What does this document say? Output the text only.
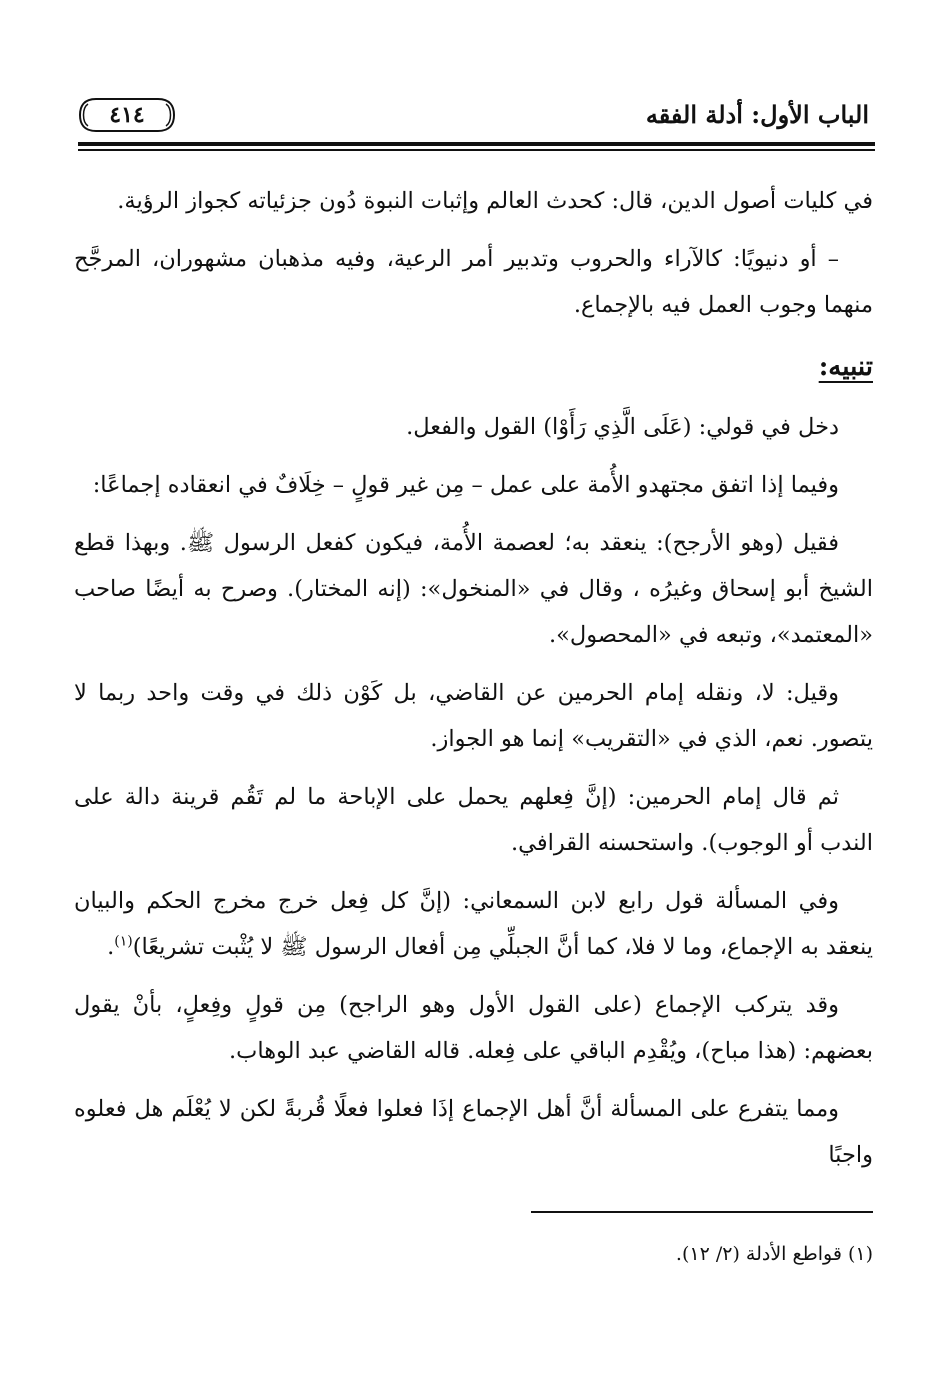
الباب الأول: أدلة الفقه
٤١٤

في كليات أصول الدين، قال: كحدث العالم وإثبات النبوة دُون جزئياته كجواز الرؤية.

– أو دنيويًا: كالآراء والحروب وتدبير أمر الرعية، وفيه مذهبان مشهوران، المرجَّح منهما وجوب العمل فيه بالإجماع.

تنبيه:

دخل في قولي: (عَلَى الَّذِي رَأَوْا) القول والفعل.

وفيما إذا اتفق مجتهدو الأُمة على عمل – مِن غير قولٍ – خِلَافٌ في انعقاده إجماعًا:

فقيل (وهو الأرجح): ينعقد به؛ لعصمة الأُمة، فيكون كفعل الرسول ﷺ. وبهذا قطع الشيخ أبو إسحاق وغيرُه ، وقال في «المنخول»: (إنه المختار). وصرح به أيضًا صاحب «المعتمد»، وتبعه في «المحصول».

وقيل: لا، ونقله إمام الحرمين عن القاضي، بل كَوْن ذلك في وقت واحد ربما لا يتصور. نعم، الذي في «التقريب» إنما هو الجواز.

ثم قال إمام الحرمين: (إنَّ فِعلهم يحمل على الإباحة ما لم تَقُم قرينة دالة على الندب أو الوجوب). واستحسنه القرافي.

وفي المسألة قول رابع لابن السمعاني: (إنَّ كل فِعل خرج مخرج الحكم والبيان ينعقد به الإجماع، وما لا فلا، كما أنَّ الجبلِّي مِن أفعال الرسول ﷺ لا يُثْبت تشريعًا)$^{(١)}$.

وقد يتركب الإجماع (على القول الأول وهو الراجح) مِن قولٍ وفِعلٍ، بأنْ يقول بعضهم: (هذا مباح)، ويُقْدِم الباقي على فِعله. قاله القاضي عبد الوهاب.

ومما يتفرع على المسألة أنَّ أهل الإجماع إذَا فعلوا فعلًا قُربةً لكن لا يُعْلَم هل فعلوه واجبًا

(١) قواطع الأدلة (٢/ ١٢).
